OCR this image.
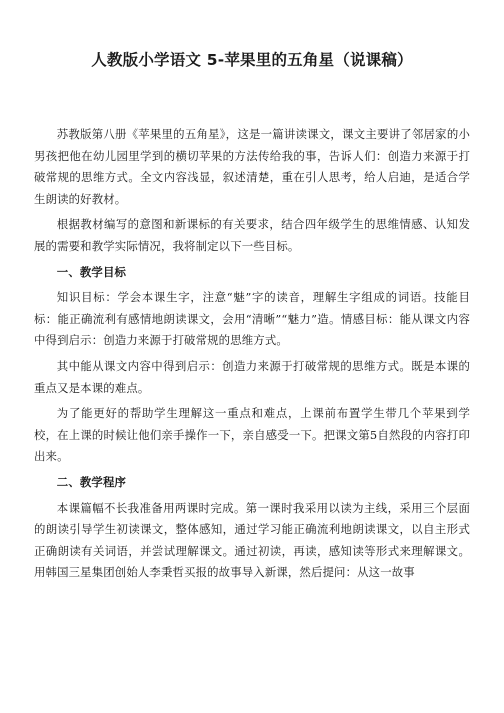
人教版小学语文 5-苹果里的五角星（说课稿）

苏教版第八册《苹果里的五角星》，这是一篇讲读课文，课文主要讲了邻居家的小男孩把他在幼儿园里学到的横切苹果的方法传给我的事，告诉人们：创造力来源于打破常规的思维方式。全文内容浅显，叙述清楚，重在引人思考，给人启迪，是适合学生朗读的好教材。

根据教材编写的意图和新课标的有关要求，结合四年级学生的思维情感、认知发展的需要和教学实际情况，我将制定以下一些目标。

一、教学目标

知识目标：学会本课生字，注意“魅”字的读音，理解生字组成的词语。技能目标：能正确流利有感情地朗读课文，会用“清晰”“魅力”造。情感目标：能从课文内容中得到启示：创造力来源于打破常规的思维方式。

其中能从课文内容中得到启示：创造力来源于打破常规的思维方式。既是本课的重点又是本课的难点。

为了能更好的帮助学生理解这一重点和难点，上课前布置学生带几个苹果到学校，在上课的时候让他们亲手操作一下，亲自感受一下。把课文第5自然段的内容打印出来。

二、教学程序

本课篇幅不长我准备用两课时完成。第一课时我采用以读为主线，采用三个层面的朗读引导学生初读课文，整体感知，通过学习能正确流利地朗读课文，以自主形式正确朗读有关词语，并尝试理解课文。通过初读，再读，感知读等形式来理解课文。用韩国三星集团创始人李秉哲买报的故事导入新课，然后提问：从这一故事
